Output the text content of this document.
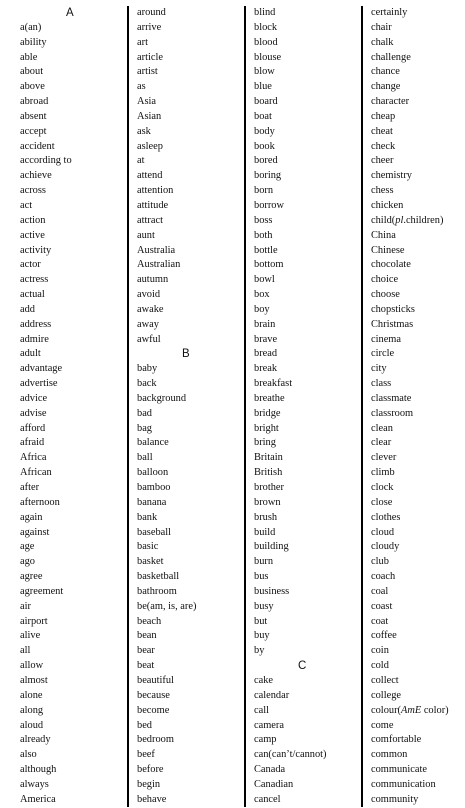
A
a(an)
ability
able
about
above
abroad
absent
accept
accident
according to
achieve
across
act
action
active
activity
actor
actress
actual
add
address
admire
adult
advantage
advertise
advice
advise
afford
afraid
Africa
African
after
afternoon
again
against
age
ago
agree
agreement
air
airport
alive
all
allow
almost
alone
along
aloud
already
also
although
always
America
around
arrive
art
article
artist
as
Asia
Asian
ask
asleep
at
attend
attention
attitude
attract
aunt
Australia
Australian
autumn
avoid
awake
away
awful
B
baby
back
background
bad
bag
balance
ball
balloon
bamboo
banana
bank
baseball
basic
basket
basketball
bathroom
be(am, is, are)
beach
bean
bear
beat
beautiful
because
become
bed
bedroom
beef
before
begin
behave
blind
block
blood
blouse
blow
blue
board
boat
body
book
bored
boring
born
borrow
boss
both
bottle
bottom
bowl
box
boy
brain
brave
bread
break
breakfast
breathe
bridge
bright
bring
Britain
British
brother
brown
brush
build
building
burn
bus
business
busy
but
buy
by
C
cake
calendar
call
camera
camp
can(can’t/cannot)
Canada
Canadian
cancel
certainly
chair
chalk
challenge
chance
change
character
cheap
cheat
check
cheer
chemistry
chess
chicken
child(pl.children)
China
Chinese
chocolate
choice
choose
chopsticks
Christmas
cinema
circle
city
class
classmate
classroom
clean
clear
clever
climb
clock
close
clothes
cloud
cloudy
club
coach
coal
coast
coat
coffee
coin
cold
collect
college
colour(AmE color)
come
comfortable
common
communicate
communication
community
